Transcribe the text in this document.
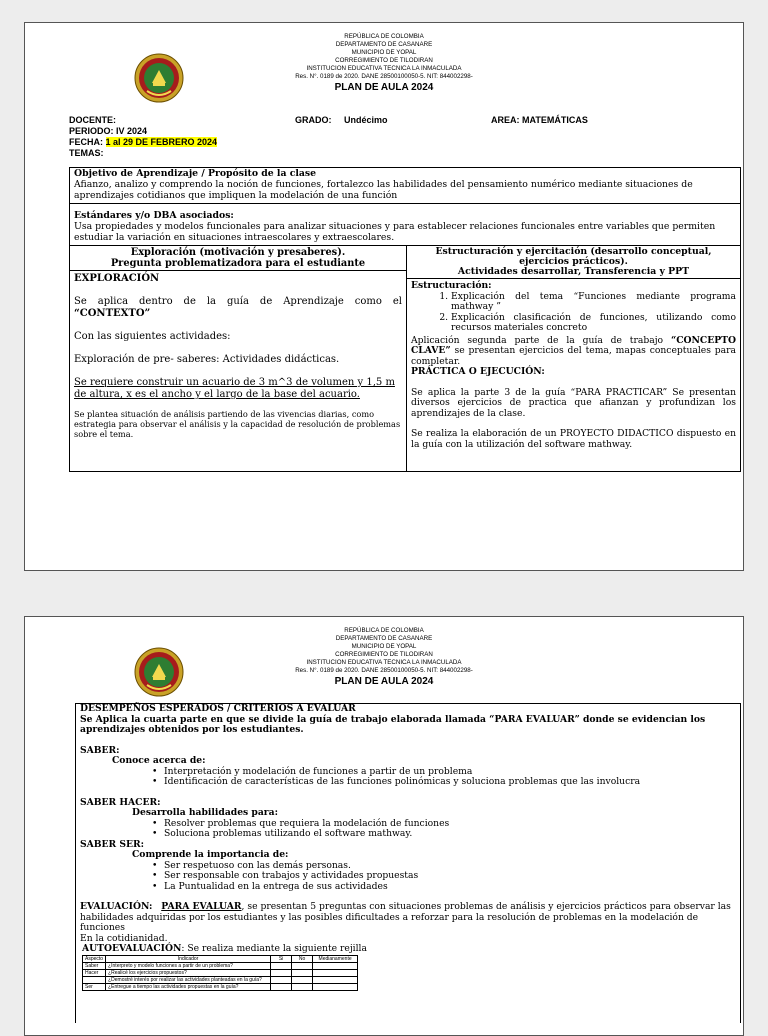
REPÚBLICA DE COLOMBIA
DEPARTAMENTO DE CASANARE
MUNICIPIO DE YOPAL
CORREGIMIENTO DE TILODIRAN
INSTITUCION EDUCATIVA TECNICA LA INMACULADA
Res. N°. 0189 de 2020. DANE 28500100050-5. NIT: 844002298-
PLAN DE AULA 2024
DOCENTE:
PERIODO: IV 2024
FECHA: 1 al 29 DE FEBRERO 2024
TEMAS:
GRADO: Undécimo	AREA: MATEMÁTICAS
Objetivo de Aprendizaje / Propósito de la clase
Afianzo, analizo y comprendo la noción de funciones, fortalezco las habilidades del pensamiento numérico mediante situaciones de aprendizajes cotidianos que impliquen la modelación de una función
Estándares y/o DBA asociados:
Usa propiedades y modelos funcionales para analizar situaciones y para establecer relaciones funcionales entre variables que permiten estudiar la variación en situaciones intraescolares y extraescolares.
Exploración (motivación y presaberes).
Pregunta problematizadora para el estudiante
EXPLORACIÓN
Se aplica dentro de la guía de Aprendizaje como el “CONTEXTO”
Con las siguientes actividades:
Exploración de pre- saberes: Actividades didácticas.
Se requiere construir un acuario de 3 m^3 de volumen y 1,5 m de altura, x es el ancho y el largo de la base del acuario.
Se plantea situación de análisis partiendo de las vivencias diarias, como estrategia para observar el análisis y la capacidad de resolución de problemas sobre el tema.
Estructuración y ejercitación (desarrollo conceptual, ejercicios prácticos).
Actividades desarrollar, Transferencia y PPT
Estructuración:
1. Explicación del tema “Funciones mediante programa mathway ”
2. Explicación clasificación de funciones, utilizando como recursos materiales concreto
Aplicación segunda parte de la guía de trabajo “CONCEPTO CLAVE” se presentan ejercicios del tema, mapas conceptuales para completar.
PRÁCTICA O EJECUCIÓN:
Se aplica la parte 3 de la guía “PARA PRACTICAR” Se presentan diversos ejercicios de practica que afianzan y profundizan los aprendizajes de la clase.
Se realiza la elaboración de un PROYECTO DIDACTICO dispuesto en la guía con la utilización del software mathway.
REPÚBLICA DE COLOMBIA
DEPARTAMENTO DE CASANARE
MUNICIPIO DE YOPAL
CORREGIMIENTO DE TILODIRAN
INSTITUCION EDUCATIVA TECNICA LA INMACULADA
Res. N°. 0189 de 2020. DANE 28500100050-5. NIT: 844002298-
PLAN DE AULA 2024
DESEMPEÑOS ESPERADOS / CRITERIOS A EVALUAR
Se Aplica la cuarta parte en que se divide la guía de trabajo elaborada llamada “PARA EVALUAR” donde se evidencian los aprendizajes obtenidos por los estudiantes.
SABER:
Conoce acerca de:
• Interpretación y modelación de funciones a partir de un problema
• Identificación de características de las funciones polinómicas y soluciona problemas que las involucra
SABER HACER:
Desarrolla habilidades para:
• Resolver problemas que requiera la modelación de funciones
• Soluciona problemas utilizando el software mathway.
SABER SER:
Comprende la importancia de:
• Ser respetuoso con las demás personas.
• Ser responsable con trabajos y actividades propuestas
• La Puntualidad en la entrega de sus actividades
EVALUACIÓN: PARA EVALUAR, se presentan 5 preguntas con situaciones problemas de análisis y ejercicios prácticos para observar las habilidades adquiridas por los estudiantes y las posibles dificultades a reforzar para la resolución de problemas en la modelación de funciones
En la cotidianidad.
AUTOEVALUACIÓN: Se realiza mediante la siguiente rejilla
Aspecto	Indicador	Si	No	Medianamente
Saber	¿Interpreto y modelo funciones a partir de un problema?			
Hacer	¿Realicé los ejercicios propuestos?			
	¿Demostré interés por realizar las actividades planteadas en la guía?			
Ser	¿Entregue a tiempo las actividades propuestas en la guía?			
